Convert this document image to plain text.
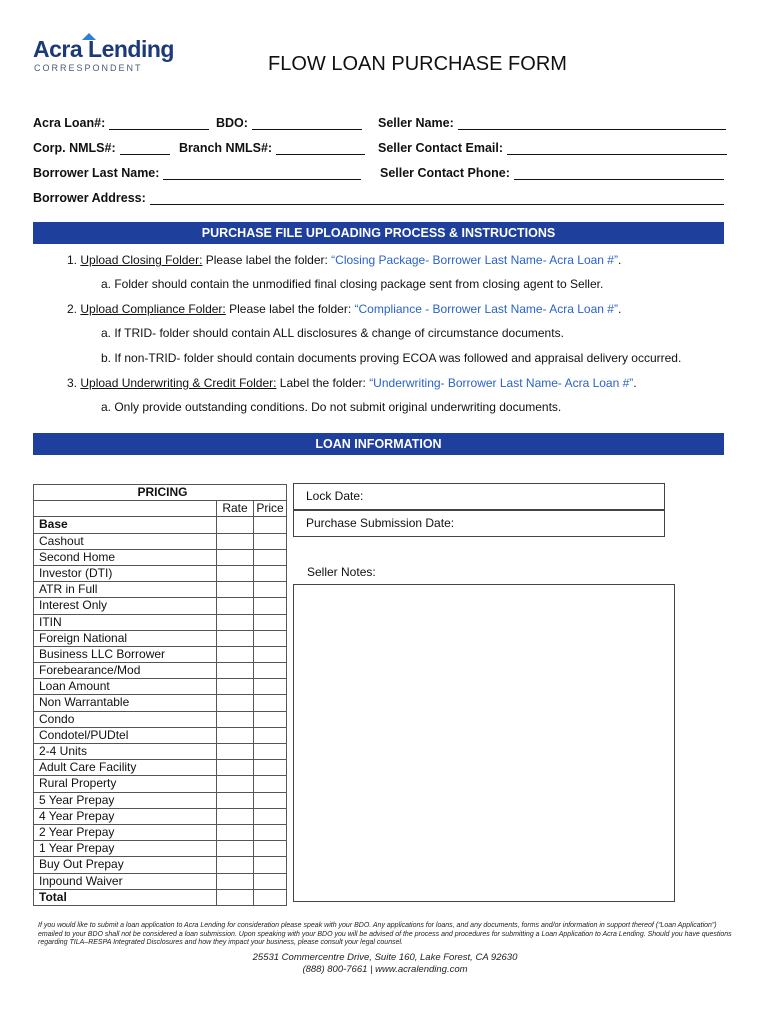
Acra Lending
CORRESPONDENT	FLOW LOAN PURCHASE FORM
Acra Loan#:	BDO:	Seller Name:
Corp. NMLS#:	Branch NMLS#:	Seller Contact Email:
Borrower Last Name:	Seller Contact Phone:
Borrower Address:
PURCHASE FILE UPLOADING PROCESS & INSTRUCTIONS
1. Upload Closing Folder: Please label the folder: “Closing Package- Borrower Last Name- Acra Loan #”.
a. Folder should contain the unmodified final closing package sent from closing agent to Seller.
2. Upload Compliance Folder: Please label the folder: “Compliance - Borrower Last Name- Acra Loan #”.
a. If TRID- folder should contain ALL disclosures & change of circumstance documents.
b. If non-TRID- folder should contain documents proving ECOA was followed and appraisal delivery occurred.
3. Upload Underwriting & Credit Folder: Label the folder: “Underwriting- Borrower Last Name- Acra Loan #”.
a. Only provide outstanding conditions. Do not submit original underwriting documents.
LOAN INFORMATION
PRICING		
	Rate	Price
Base		
Cashout		
Second Home		
Investor (DTI)		
ATR in Full		
Interest Only		
ITIN		
Foreign National		
Business LLC Borrower		
Forebearance/Mod		
Loan Amount		
Non Warrantable		
Condo		
Condotel/PUDtel		
2-4 Units		
Adult Care Facility		
Rural Property		
5 Year Prepay		
4 Year Prepay		
2 Year Prepay		
1 Year Prepay		
Buy Out Prepay		
Inpound Waiver		
Total		
Lock Date:
Purchase Submission Date:
Seller Notes:
If you would like to submit a loan application to Acra Lending for consideration please speak with your BDO. Any applications for loans, and any documents, forms and/or information in support thereof (“Loan Application”) emailed to your BDO shall not be considered a loan submission. Upon speaking with your BDO you will be advised of the process and procedures for submitting a Loan Application to Acra Lending. Should you have questions regarding TILA–RESPA Integrated Disclosures and how they impact your business, please consult your legal counsel.
25531 Commercentre Drive, Suite 160, Lake Forest, CA 92630
(888) 800-7661 | www.acralending.com
